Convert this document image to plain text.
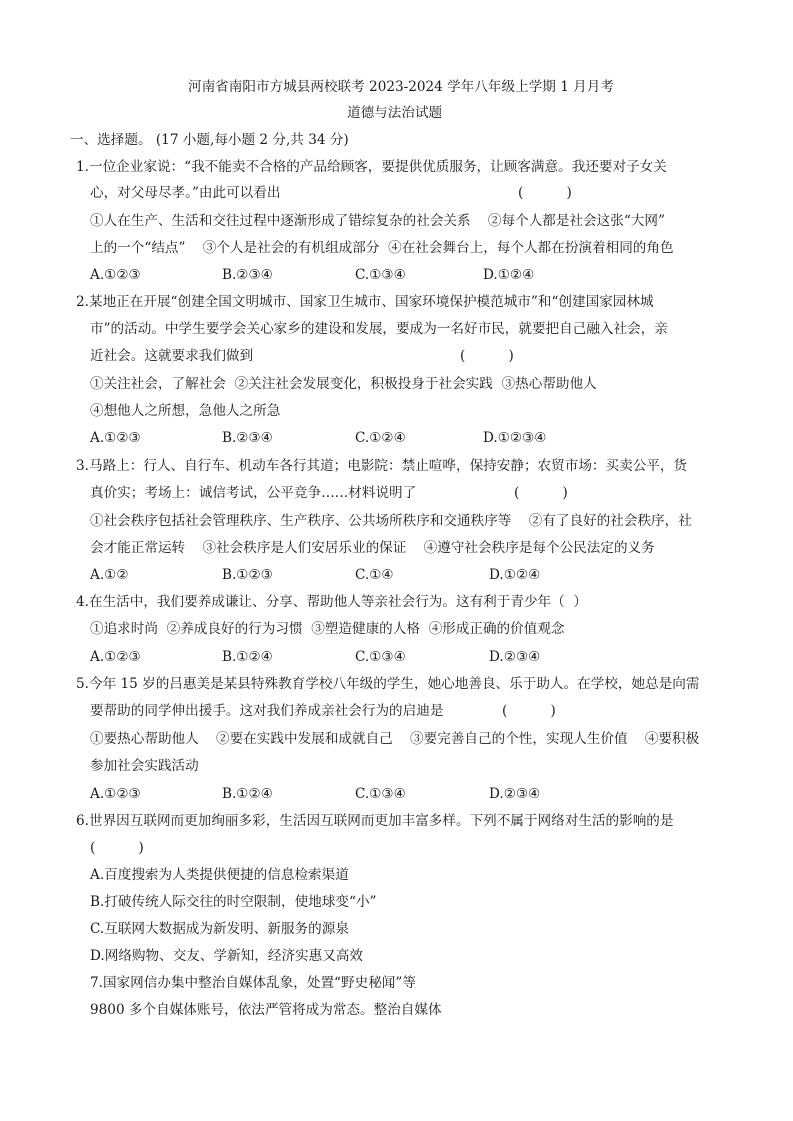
河南省南阳市方城县两校联考 2023-2024 学年八年级上学期 1 月月考
道德与法治试题
一、选择题。 (17 小题,每小题 2 分,共 34 分)
1.一位企业家说：“我不能卖不合格的产品给顾客，要提供优质服务，让顾客满意。我还要对子女关
心，对父母尽孝。”由此可以看出	(          )
①人在生产、生活和交往过程中逐渐形成了错综复杂的社会关系    ②每个人都是社会这张“大网”
上的一个“结点”    ③个人是社会的有机组成部分  ④在社会舞台上，每个人都在扮演着相同的角色
A.①②③	B.②③④	C.①③④	D.①②④
2.某地正在开展“创建全国文明城市、国家卫生城市、国家环境保护模范城市”和“创建国家园林城
市”的活动。中学生要学会关心家乡的建设和发展，要成为一名好市民，就要把自己融入社会，亲
近社会。这就要求我们做到	(          )
①关注社会，了解社会  ②关注社会发展变化，积极投身于社会实践  ③热心帮助他人
④想他人之所想，急他人之所急
A.①②③	B.②③④	C.①②④	D.①②③④
3.马路上：行人、自行车、机动车各行其道；电影院：禁止喧哗，保持安静；农贸市场：买卖公平，货
真价实；考场上：诚信考试，公平竞争……材料说明了	(          )
①社会秩序包括社会管理秩序、生产秩序、公共场所秩序和交通秩序等    ②有了良好的社会秩序，社
会才能正常运转    ③社会秩序是人们安居乐业的保证    ④遵守社会秩序是每个公民法定的义务
A.①②	B.①②③	C.①④	D.①②④
4.在生活中，我们要养成谦让、分享、帮助他人等亲社会行为。这有利于青少年（  ）
①追求时尚  ②养成良好的行为习惯  ③塑造健康的人格  ④形成正确的价值观念
A.①②③	B.①②④	C.①③④	D.②③④
5.今年 15 岁的吕惠美是某县特殊教育学校八年级的学生，她心地善良、乐于助人。在学校，她总是向需
要帮助的同学伸出援手。这对我们养成亲社会行为的启迪是	(          )
①要热心帮助他人    ②要在实践中发展和成就自己    ③要完善自己的个性，实现人生价值    ④要积极
参加社会实践活动
A.①②③	B.①②④	C.①③④	D.②③④
6.世界因互联网而更加绚丽多彩，生活因互联网而更加丰富多样。下列不属于网络对生活的影响的是
(          )
A.百度搜索为人类提供便捷的信息检索渠道
B.打破传统人际交往的时空限制，使地球变“小”
C.互联网大数据成为新发明、新服务的源泉
D.网络购物、交友、学新知，经济实惠又高效
7.国家网信办集中整治自媒体乱象，处置“野史秘闻”等
9800 多个自媒体账号，依法严管将成为常态。整治自媒体
